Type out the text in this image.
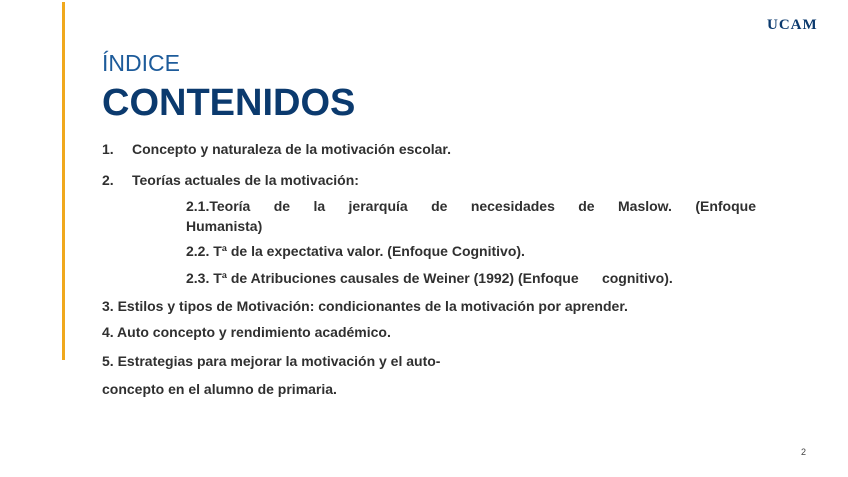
UCAM
ÍNDICE
CONTENIDOS
1. Concepto y naturaleza de la motivación escolar.
2. Teorías actuales de la motivación:
2.1.Teoría de la jerarquía de necesidades de Maslow. (Enfoque
Humanista)
2.2. Tª de la expectativa valor. (Enfoque Cognitivo).
2.3. Tª de Atribuciones causales de Weiner (1992) (Enfoque      cognitivo).
3. Estilos y tipos de Motivación: condicionantes de la motivación por aprender.
4. Auto concepto y rendimiento académico.
5. Estrategias para mejorar la motivación y el auto-
concepto en el alumno de primaria.
2
